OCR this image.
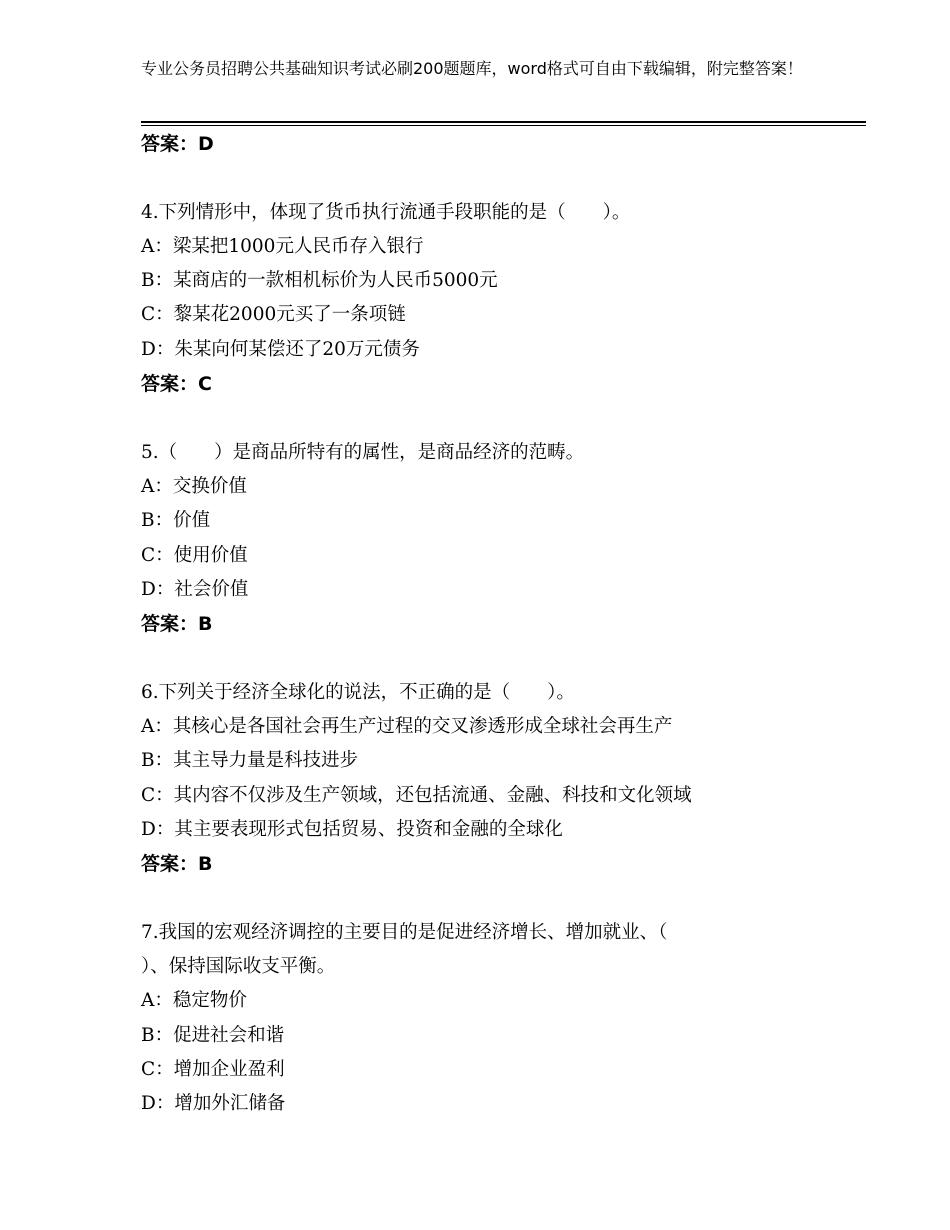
专业公务员招聘公共基础知识考试必刷200题题库，word格式可自由下载编辑，附完整答案！
答案：D
4.下列情形中，体现了货币执行流通手段职能的是（　　）。
A：梁某把1000元人民币存入银行
B：某商店的一款相机标价为人民币5000元
C：黎某花2000元买了一条项链
D：朱某向何某偿还了20万元债务
答案：C
5.（　　）是商品所特有的属性，是商品经济的范畴。
A：交换价值
B：价值
C：使用价值
D：社会价值
答案：B
6.下列关于经济全球化的说法，不正确的是（　　）。
A：其核心是各国社会再生产过程的交叉渗透形成全球社会再生产
B：其主导力量是科技进步
C：其内容不仅涉及生产领域，还包括流通、金融、科技和文化领域
D：其主要表现形式包括贸易、投资和金融的全球化
答案：B
7.我国的宏观经济调控的主要目的是促进经济增长、增加就业、（
）、保持国际收支平衡。
A：稳定物价
B：促进社会和谐
C：增加企业盈利
D：增加外汇储备
